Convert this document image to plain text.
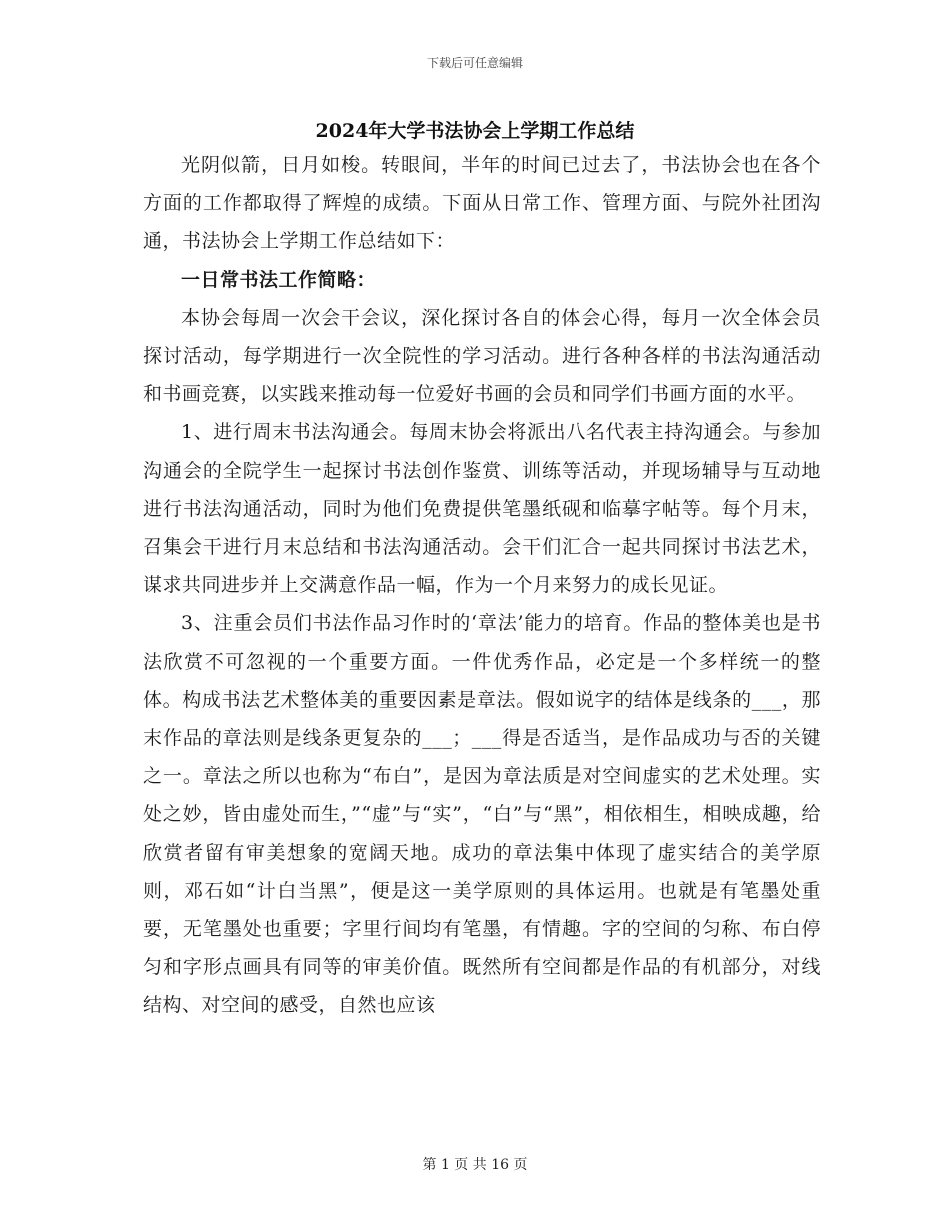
下载后可任意编辑
2024年大学书法协会上学期工作总结

光阴似箭，日月如梭。转眼间，半年的时间已过去了，书法协会也在各个方面的工作都取得了辉煌的成绩。下面从日常工作、管理方面、与院外社团沟通，书法协会上学期工作总结如下：

一日常书法工作简略：

本协会每周一次会干会议，深化探讨各自的体会心得，每月一次全体会员探讨活动，每学期进行一次全院性的学习活动。进行各种各样的书法沟通活动和书画竞赛，以实践来推动每一位爱好书画的会员和同学们书画方面的水平。

1、进行周末书法沟通会。每周末协会将派出八名代表主持沟通会。与参加沟通会的全院学生一起探讨书法创作鉴赏、训练等活动，并现场辅导与互动地进行书法沟通活动，同时为他们免费提供笔墨纸砚和临摹字帖等。每个月末，召集会干进行月末总结和书法沟通活动。会干们汇合一起共同探讨书法艺术，谋求共同进步并上交满意作品一幅，作为一个月来努力的成长见证。

3、注重会员们书法作品习作时的‘章法’能力的培育。作品的整体美也是书法欣赏不可忽视的一个重要方面。一件优秀作品，必定是一个多样统一的整体。构成书法艺术整体美的重要因素是章法。假如说字的结体是线条的___，那末作品的章法则是线条更复杂的___；___得是否适当，是作品成功与否的关键之一。章法之所以也称为“布白”，是因为章法质是对空间虚实的艺术处理。实处之妙，皆由虚处而生，”“虚”与“实”，“白”与“黑”，相依相生，相映成趣，给欣赏者留有审美想象的宽阔天地。成功的章法集中体现了虚实结合的美学原则，邓石如“计白当黑”，便是这一美学原则的具体运用。也就是有笔墨处重要，无笔墨处也重要；字里行间均有笔墨，有情趣。字的空间的匀称、布白停匀和字形点画具有同等的审美价值。既然所有空间都是作品的有机部分，对线结构、对空间的感受，自然也应该

第 1 页 共 16 页
